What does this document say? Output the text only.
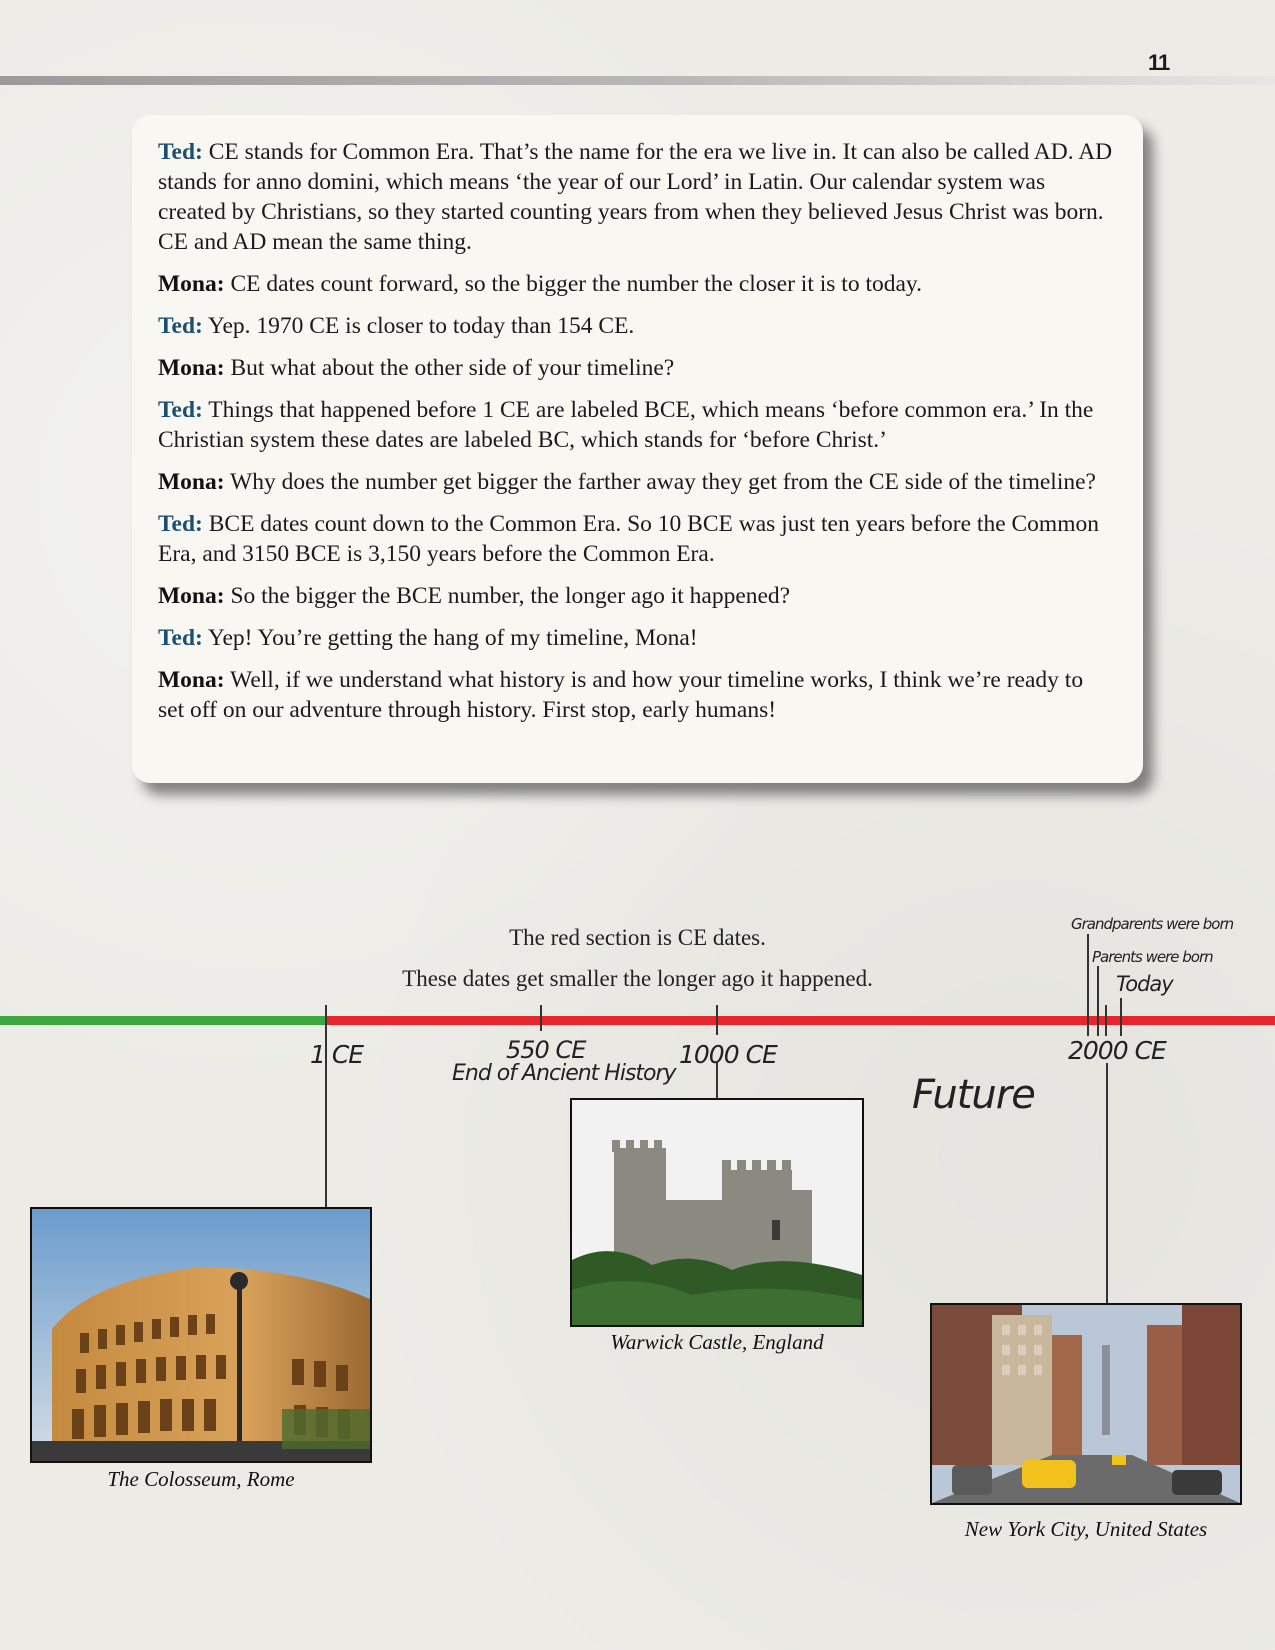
11

Ted: CE stands for Common Era. That’s the name for the era we live in. It can also be called AD. AD stands for anno domini, which means ‘the year of our Lord’ in Latin. Our calendar system was created by Christians, so they started counting years from when they believed Jesus Christ was born. CE and AD mean the same thing.

Mona: CE dates count forward, so the bigger the number the closer it is to today.

Ted: Yep. 1970 CE is closer to today than 154 CE.

Mona: But what about the other side of your timeline?

Ted: Things that happened before 1 CE are labeled BCE, which means ‘before common era.’ In the Christian system these dates are labeled BC, which stands for ‘before Christ.’

Mona: Why does the number get bigger the farther away they get from the CE side of the timeline?

Ted: BCE dates count down to the Common Era. So 10 BCE was just ten years before the Common Era, and 3150 BCE is 3,150 years before the Common Era.

Mona: So the bigger the BCE number, the longer ago it happened?

Ted: Yep! You’re getting the hang of my timeline, Mona!

Mona: Well, if we understand what history is and how your timeline works, I think we’re ready to set off on our adventure through history. First stop, early humans!

The red section is CE dates.
These dates get smaller the longer ago it happened.
1 CE	550 CE
End of Ancient History
1000 CE	2000 CE
Future
Grandparents were born
Parents were born
Today
The Colosseum, Rome
Warwick Castle, England
New York City, United States
